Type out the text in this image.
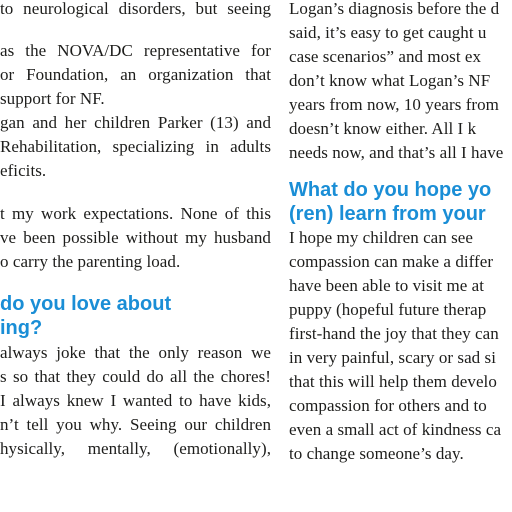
to neurological disorders, but seeing
as the NOVA/DC representative for
or Foundation, an organization that
support for NF.
gan and her children Parker (13) and
Rehabilitation, specializing in adults
eficits.
t my work expectations. None of this
ve been possible without my husband
o carry the parenting load.
do you love about
ing?
always joke that the only reason we
s so that they could do all the chores!
I always knew I wanted to have kids,
n’t tell you why. Seeing our children
hysically, mentally, (emotionally),
Logan’s diagnosis before the d
said, it’s easy to get caught u
case scenarios” and most ex
don’t know what Logan’s NF
years from now, 10 years from
doesn’t know either. All I k
needs now, and that’s all I have
What do you hope yo
(ren) learn from your
I hope my children can see
compassion can make a differ
have been able to visit me at
puppy (hopeful future therap
first-hand the joy that they can
in very painful, scary or sad si
that this will help them develo
compassion for others and to
even a small act of kindness ca
to change someone’s day.
